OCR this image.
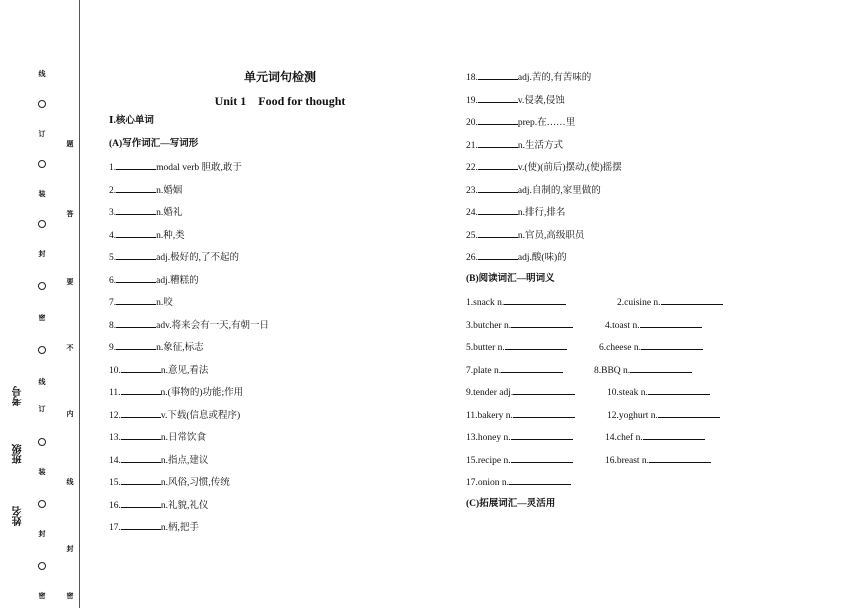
线
订
装
封
密
线
订
装
封
密
题
答
要
不
内
线
封
密
考号
班级
姓名
单元词句检测
Unit 1　Food for thought
Ⅰ.核心单词
(A)写作词汇—写词形
1.	modal verb 胆敢,敢于
2.	n.婚姻
3.	n.婚礼
4.	n.种,类
5.	adj.极好的,了不起的
6.	adj.糟糕的
7.	n.咬
8.	adv.将来会有一天,有朝一日
9.	n.象征,标志
10.	n.意见,看法
11.	n.(事物的)功能;作用
12.	v.下载(信息或程序)
13.	n.日常饮食
14.	n.指点,建议
15.	n.风俗,习惯,传统
16.	n.礼貌,礼仪
17.	n.柄,把手
18.	adj.苦的,有苦味的
19.	v.侵袭,侵蚀
20.	prep.在……里
21.	n.生活方式
22.	v.(使)(前后)摆动,(使)摇摆
23.	adj.自制的,家里做的
24.	n.排行,排名
25.	n.官员,高级职员
26.	adj.酸(味)的
(B)阅读词汇—明词义
1.snack n.	2.cuisine n.
3.butcher n.	4.toast n.
5.butter n.	6.cheese n.
7.plate n.	8.BBQ n.
9.tender adj.	10.steak n.
11.bakery n.	12.yoghurt n.
13.honey n.	14.chef n.
15.recipe n.	16.breast n.
17.onion n.
(C)拓展词汇—灵活用
